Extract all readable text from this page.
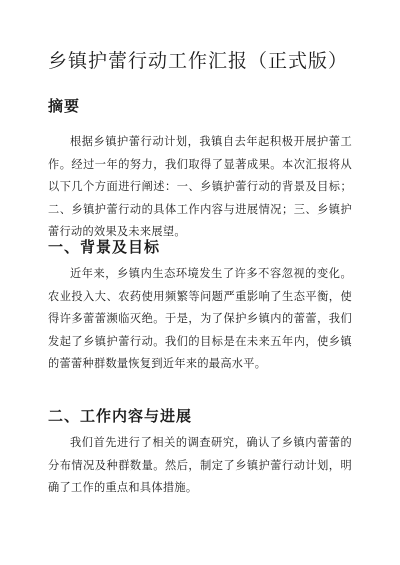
乡镇护蕾行动工作汇报（正式版）
摘要

根据乡镇护蕾行动计划，我镇自去年起积极开展护蕾工作。经过一年的努力，我们取得了显著成果。本次汇报将从以下几个方面进行阐述：一、乡镇护蕾行动的背景及目标；二、乡镇护蕾行动的具体工作内容与进展情况；三、乡镇护蕾行动的效果及未来展望。

一、背景及目标

近年来，乡镇内生态环境发生了许多不容忽视的变化。农业投入大、农药使用频繁等问题严重影响了生态平衡，使得许多蕾蕾濒临灭绝。于是，为了保护乡镇内的蕾蕾，我们发起了乡镇护蕾行动。我们的目标是在未来五年内，使乡镇的蕾蕾种群数量恢复到近年来的最高水平。

二、工作内容与进展

我们首先进行了相关的调查研究，确认了乡镇内蕾蕾的分布情况及种群数量。然后，制定了乡镇护蕾行动计划，明确了工作的重点和具体措施。
